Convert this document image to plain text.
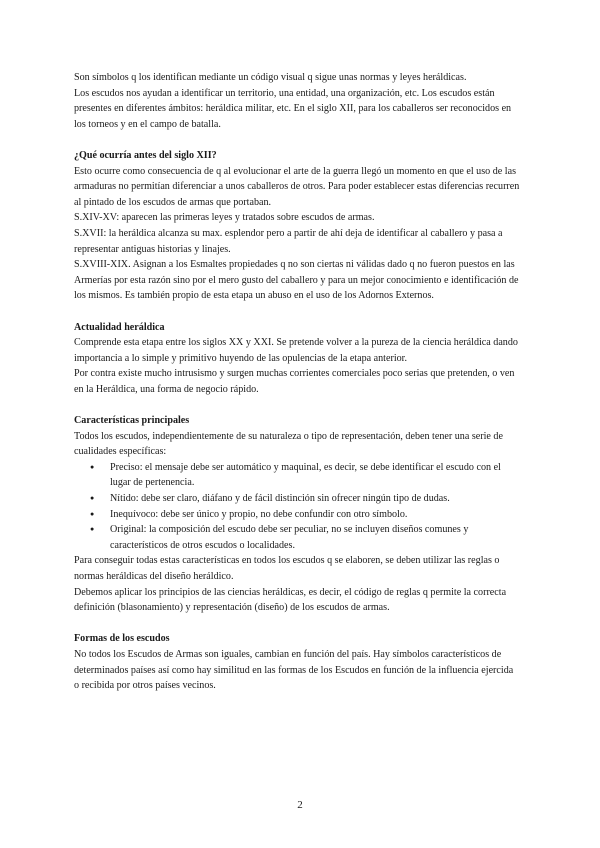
Son símbolos q los identifican mediante un código visual q sigue unas normas y leyes heráldicas.

Los escudos nos ayudan a identificar un territorio, una entidad, una organización, etc. Los escudos están presentes en diferentes ámbitos: heráldica militar, etc. En el siglo XII, para los caballeros ser reconocidos en los torneos y en el campo de batalla.

¿Qué ocurría antes del siglo XII?

Esto ocurre como consecuencia de q al evolucionar el arte de la guerra llegó un momento en que el uso de las armaduras no permitían diferenciar a unos caballeros de otros. Para poder establecer estas diferencias recurren al pintado de los escudos de armas que portaban.

S.XIV-XV: aparecen las primeras leyes y tratados sobre escudos de armas.

S.XVII: la heráldica alcanza su max. esplendor pero a partir de ahí deja de identificar al caballero y pasa a representar antiguas historias y linajes.

S.XVIII-XIX. Asignan a los Esmaltes propiedades q no son ciertas ni válidas dado q no fueron puestos en las Armerías por esta razón sino por el mero gusto del caballero y para un mejor conocimiento e identificación de los mismos. Es también propio de esta etapa un abuso en el uso de los Adornos Externos.

Actualidad heráldica

Comprende esta etapa entre los siglos XX y XXI. Se pretende volver a la pureza de la ciencia heráldica dando importancia a lo simple y primitivo huyendo de las opulencias de la etapa anterior.

Por contra existe mucho intrusismo y surgen muchas corrientes comerciales poco serias que pretenden, o ven en la Heráldica, una forma de negocio rápido.

Características principales

Todos los escudos, independientemente de su naturaleza o tipo de representación, deben tener una serie de cualidades específicas:

● Preciso: el mensaje debe ser automático y maquinal, es decir, se debe identificar el escudo con el lugar de pertenencia.
● Nítido: debe ser claro, diáfano y de fácil distinción sin ofrecer ningún tipo de dudas.
● Inequívoco: debe ser único y propio, no debe confundir con otro símbolo.
● Original: la composición del escudo debe ser peculiar, no se incluyen diseños comunes y característicos de otros escudos o localidades.

Para conseguir todas estas características en todos los escudos q se elaboren, se deben utilizar las reglas o normas heráldicas del diseño heráldico.

Debemos aplicar los principios de las ciencias heráldicas, es decir, el código de reglas q permite la correcta definición (blasonamiento) y representación (diseño) de los escudos de armas.

Formas de los escudos

No todos los Escudos de Armas son iguales, cambian en función del país. Hay símbolos característicos de determinados países así como hay similitud en las formas de los Escudos en función de la influencia ejercida o recibida por otros países vecinos.

2
